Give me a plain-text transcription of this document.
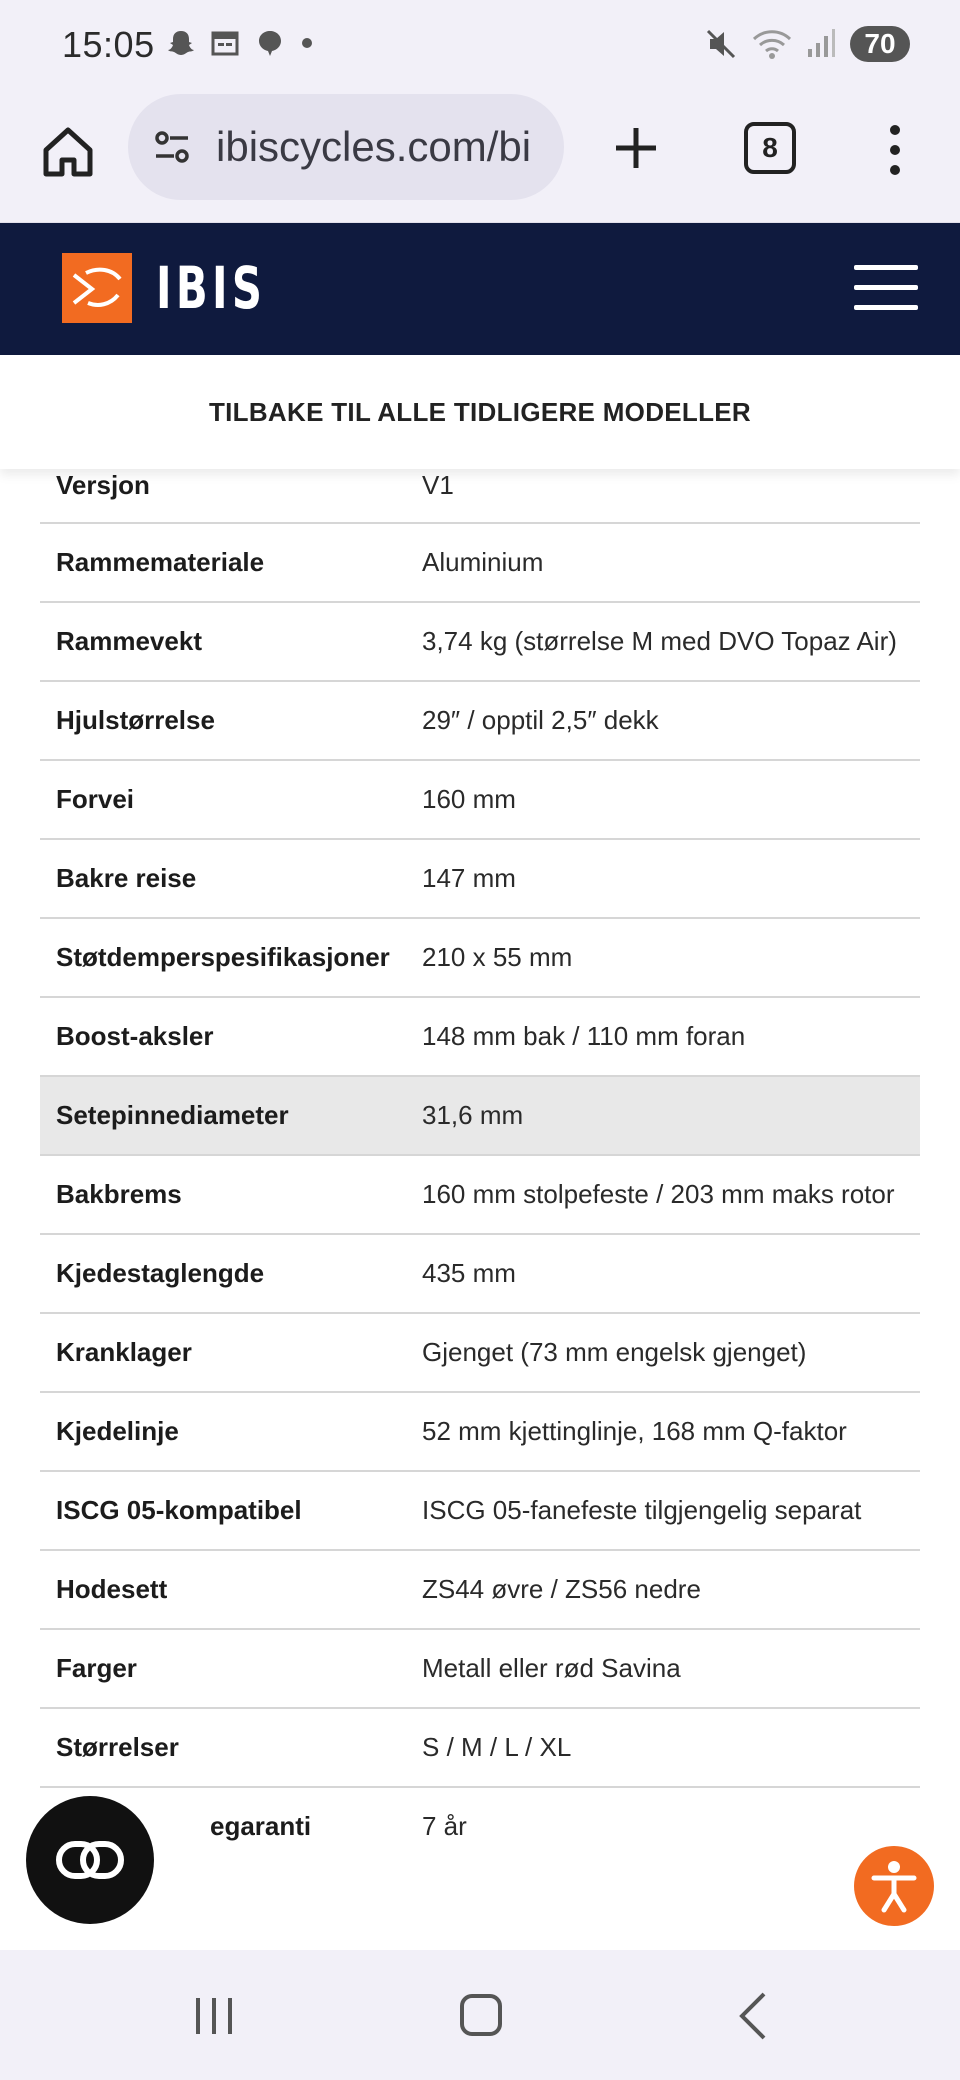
15:05	70
ibiscycles.com/bi	8
IBIS
TILBAKE TIL ALLE TIDLIGERE MODELLER
Versjon	V1
Rammemateriale	Aluminium
Rammevekt	3,74 kg (størrelse M med DVO Topaz Air)
Hjulstørrelse	29″ / opptil 2,5″ dekk
Forvei	160 mm
Bakre reise	147 mm
Støtdemperspesifikasjoner	210 x 55 mm
Boost-aksler	148 mm bak / 110 mm foran
Setepinnediameter	31,6 mm
Bakbrems	160 mm stolpefeste / 203 mm maks rotor
Kjedestaglengde	435 mm
Kranklager	Gjenget (73 mm engelsk gjenget)
Kjedelinje	52 mm kjettinglinje, 168 mm Q-faktor
ISCG 05-kompatibel	ISCG 05-fanefeste tilgjengelig separat
Hodesett	ZS44 øvre / ZS56 nedre
Farger	Metall eller rød Savina
Størrelser	S / M / L / XL
egaranti	7 år
